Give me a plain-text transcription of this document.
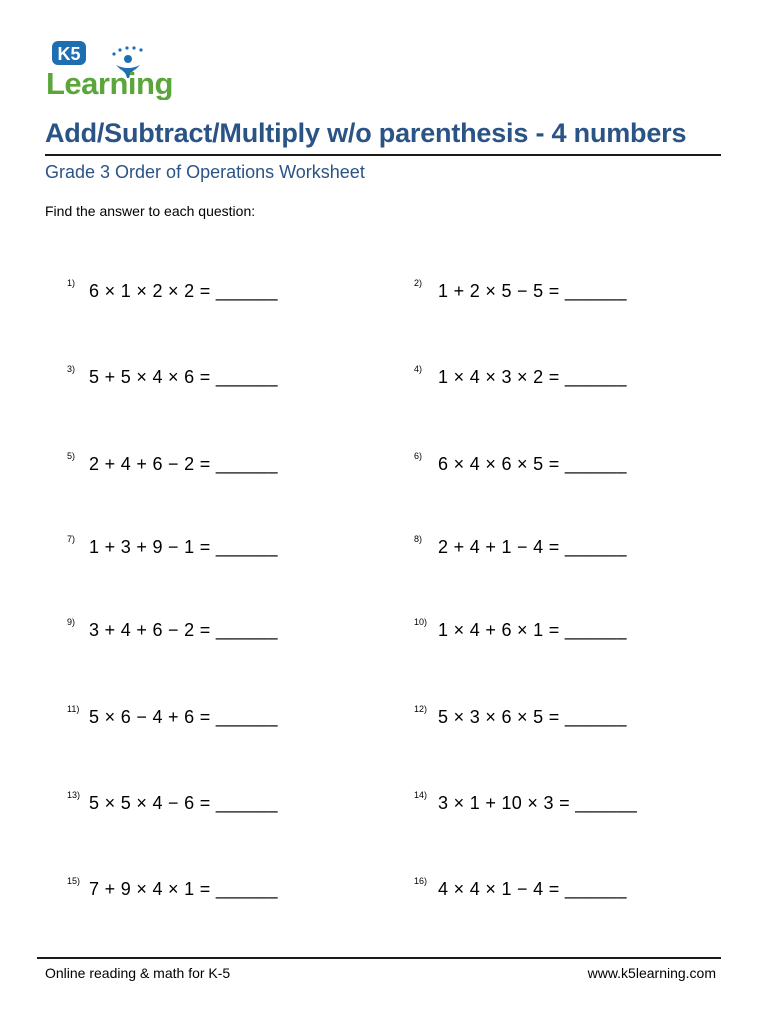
K5
Learning
Add/Subtract/Multiply w/o parenthesis - 4 numbers
Grade 3 Order of Operations Worksheet
Find the answer to each question:
1) 6 × 1 × 2 × 2 = ______
3) 5 + 5 × 4 × 6 = ______
5) 2 + 4 + 6 − 2 = ______
7) 1 + 3 + 9 − 1 = ______
9) 3 + 4 + 6 − 2 = ______
11) 5 × 6 − 4 + 6 = ______
13) 5 × 5 × 4 − 6 = ______
15) 7 + 9 × 4 × 1 = ______
2) 1 + 2 × 5 − 5 = ______
4) 1 × 4 × 3 × 2 = ______
6) 6 × 4 × 6 × 5 = ______
8) 2 + 4 + 1 − 4 = ______
10) 1 × 4 + 6 × 1 = ______
12) 5 × 3 × 6 × 5 = ______
14) 3 × 1 + 10 × 3 = ______
16) 4 × 4 × 1 − 4 = ______
Online reading & math for K-5	www.k5learning.com
